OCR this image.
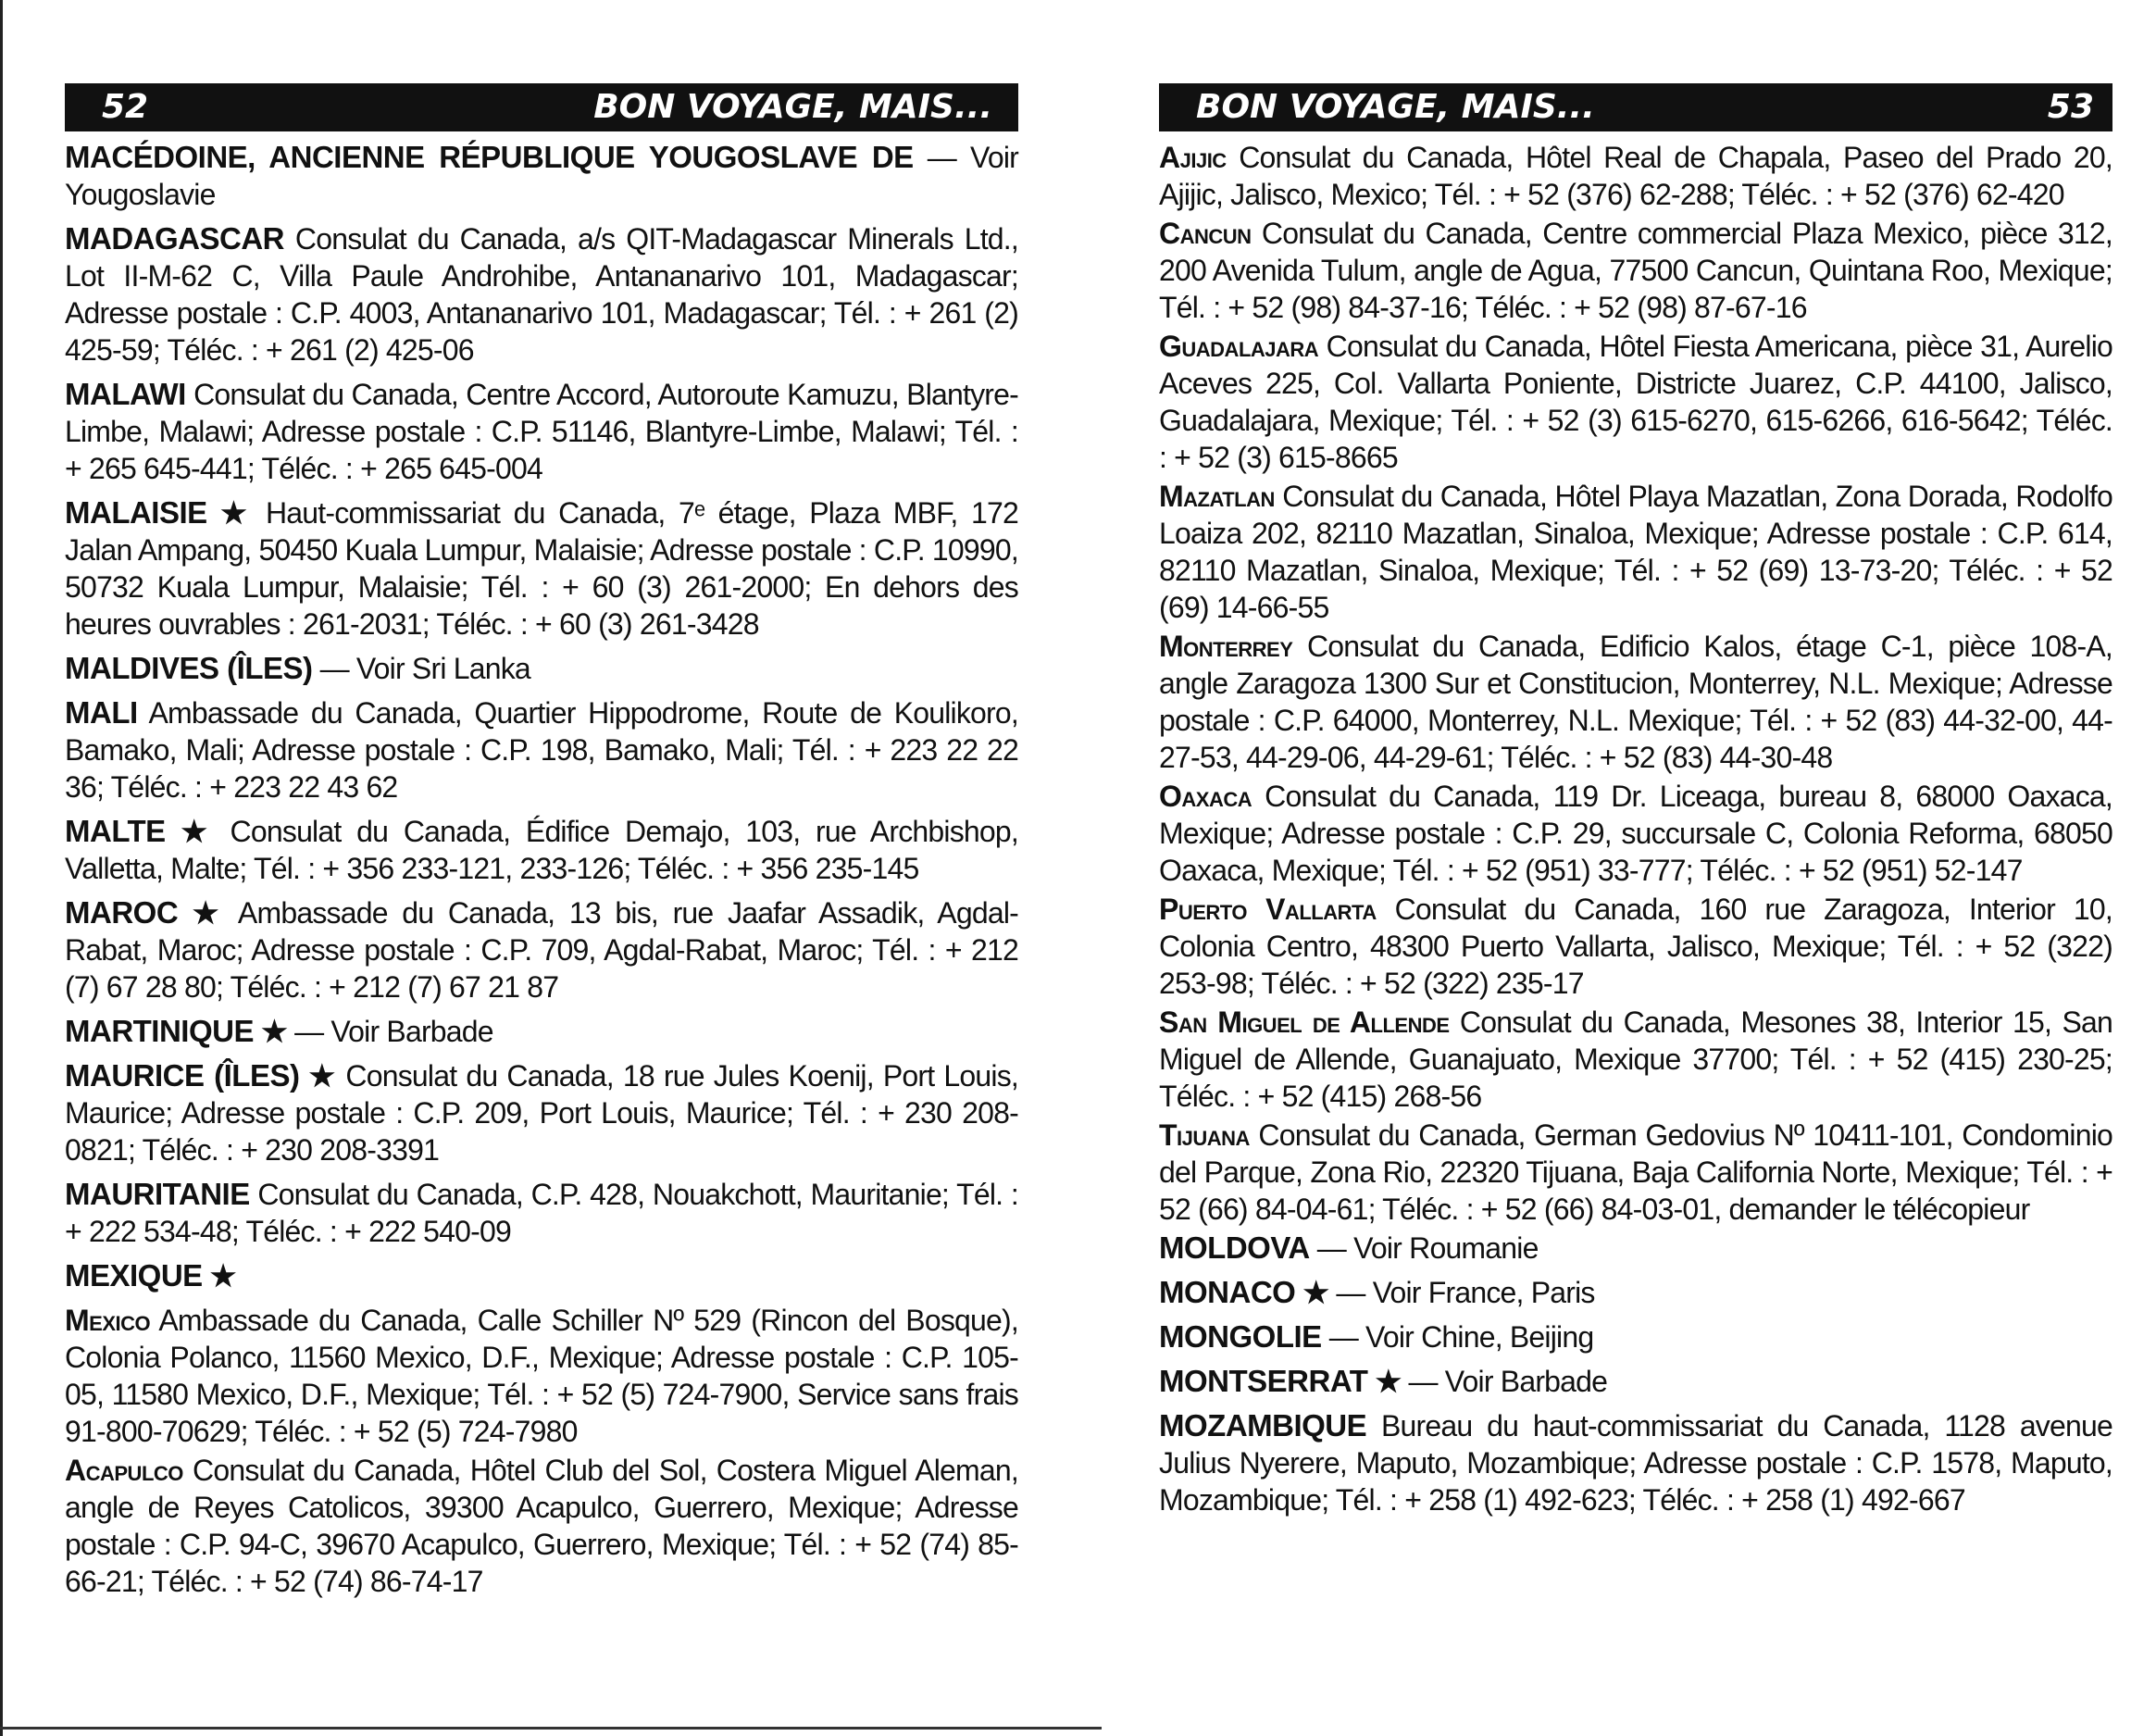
52	BON VOYAGE, MAIS...

MACÉDOINE, ANCIENNE RÉPUBLIQUE YOUGOSLAVE DE — Voir Yougoslavie

MADAGASCAR Consulat du Canada, a/s QIT-Madagascar Minerals Ltd., Lot II-M-62 C, Villa Paule Androhibe, Antananarivo 101, Madagascar; Adresse postale : C.P. 4003, Antananarivo 101, Madagascar; Tél. : + 261 (2) 425-59; Téléc. : + 261 (2) 425-06

MALAWI Consulat du Canada, Centre Accord, Autoroute Kamuzu, Blantyre-Limbe, Malawi; Adresse postale : C.P. 51146, Blantyre-Limbe, Malawi; Tél. : + 265 645-441; Téléc. : + 265 645-004

MALAISIE ★ Haut-commissariat du Canada, 7ᵉ étage, Plaza MBF, 172 Jalan Ampang, 50450 Kuala Lumpur, Malaisie; Adresse postale : C.P. 10990, 50732 Kuala Lumpur, Malaisie; Tél. : + 60 (3) 261-2000; En dehors des heures ouvrables : 261-2031; Téléc. : + 60 (3) 261-3428

MALDIVES (ÎLES) — Voir Sri Lanka

MALI Ambassade du Canada, Quartier Hippodrome, Route de Koulikoro, Bamako, Mali; Adresse postale : C.P. 198, Bamako, Mali; Tél. : + 223 22 22 36; Téléc. : + 223 22 43 62

MALTE ★ Consulat du Canada, Édifice Demajo, 103, rue Archbishop, Valletta, Malte; Tél. : + 356 233-121, 233-126; Téléc. : + 356 235-145

MAROC ★ Ambassade du Canada, 13 bis, rue Jaafar Assadik, Agdal-Rabat, Maroc; Adresse postale : C.P. 709, Agdal-Rabat, Maroc; Tél. : + 212 (7) 67 28 80; Téléc. : + 212 (7) 67 21 87

MARTINIQUE ★ — Voir Barbade

MAURICE (ÎLES) ★ Consulat du Canada, 18 rue Jules Koenij, Port Louis, Maurice; Adresse postale : C.P. 209, Port Louis, Maurice; Tél. : + 230 208-0821; Téléc. : + 230 208-3391

MAURITANIE Consulat du Canada, C.P. 428, Nouakchott, Mauritanie; Tél. : + 222 534-48; Téléc. : + 222 540-09

MEXIQUE ★

Mexico Ambassade du Canada, Calle Schiller Nº 529 (Rincon del Bosque), Colonia Polanco, 11560 Mexico, D.F., Mexique; Adresse postale : C.P. 105-05, 11580 Mexico, D.F., Mexique; Tél. : + 52 (5) 724-7900, Service sans frais 91-800-70629; Téléc. : + 52 (5) 724-7980

Acapulco Consulat du Canada, Hôtel Club del Sol, Costera Miguel Aleman, angle de Reyes Catolicos, 39300 Acapulco, Guerrero, Mexique; Adresse postale : C.P. 94-C, 39670 Acapulco, Guerrero, Mexique; Tél. : + 52 (74) 85-66-21; Téléc. : + 52 (74) 86-74-17

BON VOYAGE, MAIS...	53

Ajijic Consulat du Canada, Hôtel Real de Chapala, Paseo del Prado 20, Ajijic, Jalisco, Mexico; Tél. : + 52 (376) 62-288; Téléc. : + 52 (376) 62-420

Cancun Consulat du Canada, Centre commercial Plaza Mexico, pièce 312, 200 Avenida Tulum, angle de Agua, 77500 Cancun, Quintana Roo, Mexique; Tél. : + 52 (98) 84-37-16; Téléc. : + 52 (98) 87-67-16

Guadalajara Consulat du Canada, Hôtel Fiesta Americana, pièce 31, Aurelio Aceves 225, Col. Vallarta Poniente, Districte Juarez, C.P. 44100, Jalisco, Guadalajara, Mexique; Tél. : + 52 (3) 615-6270, 615-6266, 616-5642; Téléc. : + 52 (3) 615-8665

Mazatlan Consulat du Canada, Hôtel Playa Mazatlan, Zona Dorada, Rodolfo Loaiza 202, 82110 Mazatlan, Sinaloa, Mexique; Adresse postale : C.P. 614, 82110 Mazatlan, Sinaloa, Mexique; Tél. : + 52 (69) 13-73-20; Téléc. : + 52 (69) 14-66-55

Monterrey Consulat du Canada, Edificio Kalos, étage C-1, pièce 108-A, angle Zaragoza 1300 Sur et Constitucion, Monterrey, N.L. Mexique; Adresse postale : C.P. 64000, Monterrey, N.L. Mexique; Tél. : + 52 (83) 44-32-00, 44-27-53, 44-29-06, 44-29-61; Téléc. : + 52 (83) 44-30-48

Oaxaca Consulat du Canada, 119 Dr. Liceaga, bureau 8, 68000 Oaxaca, Mexique; Adresse postale : C.P. 29, succursale C, Colonia Reforma, 68050 Oaxaca, Mexique; Tél. : + 52 (951) 33-777; Téléc. : + 52 (951) 52-147

Puerto Vallarta Consulat du Canada, 160 rue Zaragoza, Interior 10, Colonia Centro, 48300 Puerto Vallarta, Jalisco, Mexique; Tél. : + 52 (322) 253-98; Téléc. : + 52 (322) 235-17

San Miguel de Allende Consulat du Canada, Mesones 38, Interior 15, San Miguel de Allende, Guanajuato, Mexique 37700; Tél. : + 52 (415) 230-25; Téléc. : + 52 (415) 268-56

Tijuana Consulat du Canada, German Gedovius Nº 10411-101, Condominio del Parque, Zona Rio, 22320 Tijuana, Baja California Norte, Mexique; Tél. : + 52 (66) 84-04-61; Téléc. : + 52 (66) 84-03-01, demander le télécopieur

MOLDOVA — Voir Roumanie

MONACO ★ — Voir France, Paris

MONGOLIE — Voir Chine, Beijing

MONTSERRAT ★ — Voir Barbade

MOZAMBIQUE Bureau du haut-commissariat du Canada, 1128 avenue Julius Nyerere, Maputo, Mozambique; Adresse postale : C.P. 1578, Maputo, Mozambique; Tél. : + 258 (1) 492-623; Téléc. : + 258 (1) 492-667
